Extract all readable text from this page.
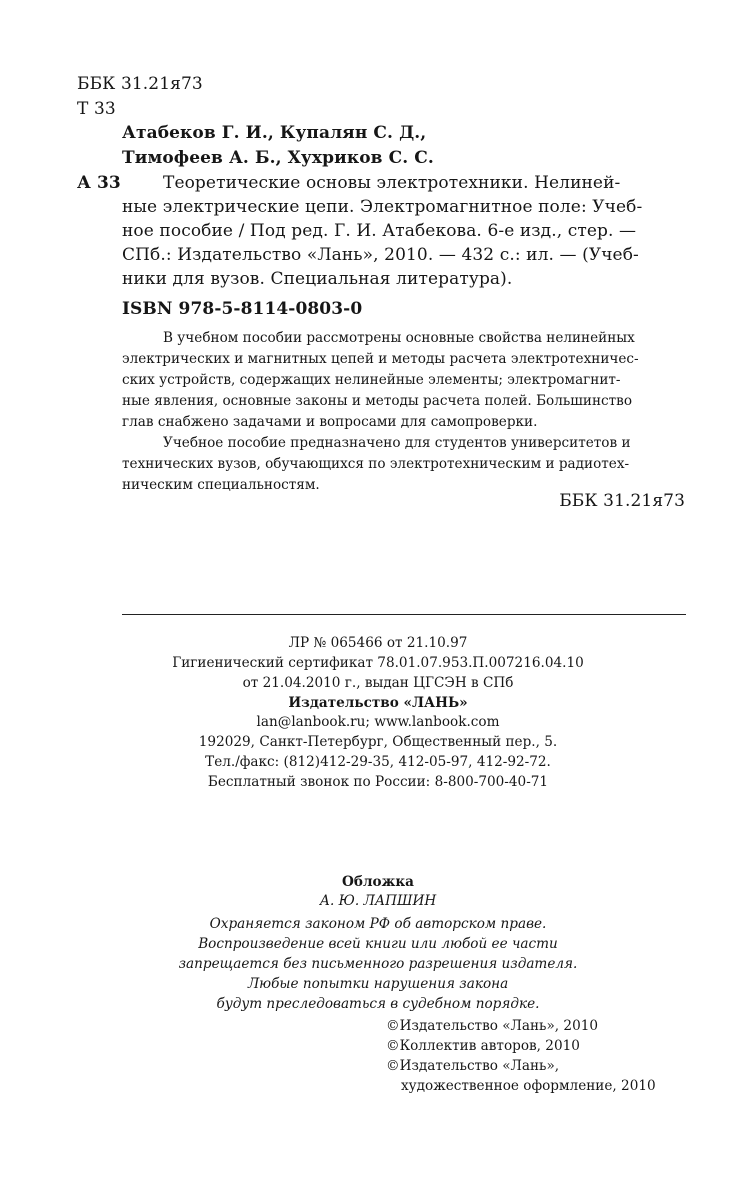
ББК 31.21я73
Т 33
Атабеков Г. И., Купалян С. Д.,
Тимофеев А. Б., Хухриков С. С.
А 33 Теоретические основы электротехники. Нелиней-
ные электрические цепи. Электромагнитное поле: Учеб-
ное пособие / Под ред. Г. И. Атабекова. 6-е изд., стер. —
СПб.: Издательство «Лань», 2010. — 432 с.: ил. — (Учеб-
ники для вузов. Специальная литература).
ISBN 978-5-8114-0803-0
В учебном пособии рассмотрены основные свойства нелинейных
электрических и магнитных цепей и методы расчета электротехничес-
ских устройств, содержащих нелинейные элементы; электромагнит-
ные явления, основные законы и методы расчета полей. Большинство
глав снабжено задачами и вопросами для самопроверки.
Учебное пособие предназначено для студентов университетов и
технических вузов, обучающихся по электротехническим и радиотех-
ническим специальностям.
ББК 31.21я73
ЛР № 065466 от 21.10.97
Гигиенический сертификат 78.01.07.953.П.007216.04.10
от 21.04.2010 г., выдан ЦГСЭН в СПб
Издательство «ЛАНЬ»
lan@lanbook.ru; www.lanbook.com
192029, Санкт-Петербург, Общественный пер., 5.
Тел./факс: (812)412-29-35, 412-05-97, 412-92-72.
Бесплатный звонок по России: 8-800-700-40-71
Обложка
А. Ю. ЛАПШИН
Охраняется законом РФ об авторском праве.
Воспроизведение всей книги или любой ее части
запрещается без письменного разрешения издателя.
Любые попытки нарушения закона
будут преследоваться в судебном порядке.
©Издательство «Лань», 2010
©Коллектив авторов, 2010
©Издательство «Лань»,
художественное оформление, 2010
